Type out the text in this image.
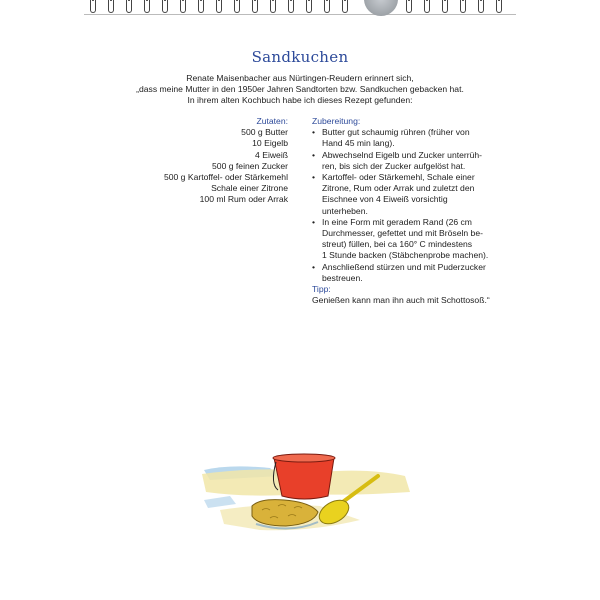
Sandkuchen
Renate Maisenbacher aus Nürtingen-Reudern erinnert sich,
„dass meine Mutter in den 1950er Jahren Sandtorten bzw. Sandkuchen gebacken hat.
In ihrem alten Kochbuch habe ich dieses Rezept gefunden:
Zutaten:
500 g Butter
10 Eigelb
4 Eiweiß
500 g feinen Zucker
500 g Kartoffel- oder Stärkemehl
Schale einer Zitrone
100 ml Rum oder Arrak
Zubereitung:
• Butter gut schaumig rühren (früher von
Hand 45 min lang).
• Abwechselnd Eigelb und Zucker unterrüh-
ren, bis sich der Zucker aufgelöst hat.
• Kartoffel- oder Stärkemehl, Schale einer
Zitrone, Rum oder Arrak und zuletzt den
Eischnee von 4 Eiweiß vorsichtig
unterheben.
• In eine Form mit geradem Rand (26 cm
Durchmesser, gefettet und mit Bröseln be-
streut) füllen, bei ca 160° C mindestens
1 Stunde backen (Stäbchenprobe machen).
• Anschließend stürzen und mit Puderzucker
bestreuen.
Tipp:
Genießen kann man ihn auch mit Schottosoß.“
